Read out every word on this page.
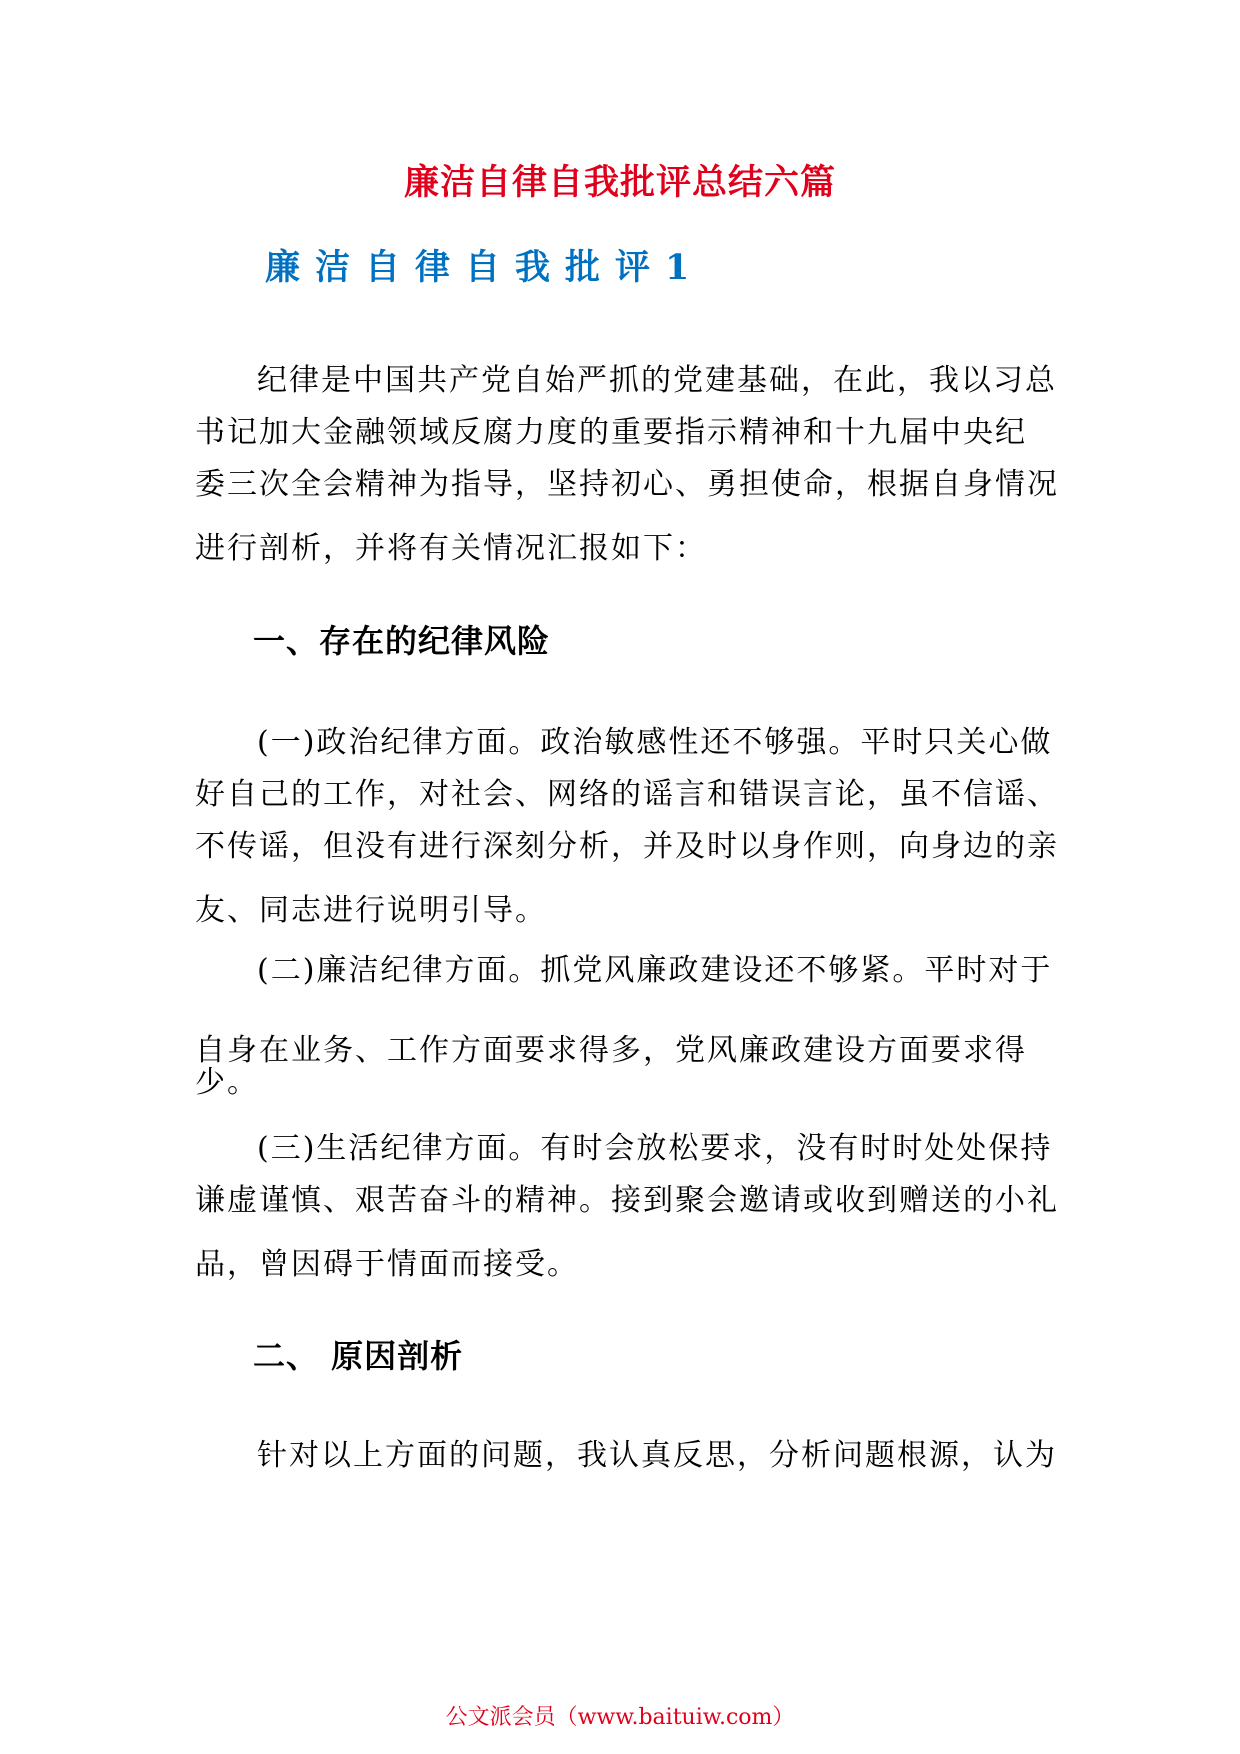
廉洁自律自我批评总结六篇
廉洁自律自我批评1
纪律是中国共产党自始严抓的党建基础，在此，我以习总
书记加大金融领域反腐力度的重要指示精神和十九届中央纪
委三次全会精神为指导，坚持初心、勇担使命，根据自身情况
进行剖析，并将有关情况汇报如下：
一、存在的纪律风险
(一)政治纪律方面。政治敏感性还不够强。平时只关心做
好自己的工作，对社会、网络的谣言和错误言论，虽不信谣、
不传谣，但没有进行深刻分析，并及时以身作则，向身边的亲
友、同志进行说明引导。
(二)廉洁纪律方面。抓党风廉政建设还不够紧。平时对于
自身在业务、工作方面要求得多，党风廉政建设方面要求得
少。
(三)生活纪律方面。有时会放松要求，没有时时处处保持
谦虚谨慎、艰苦奋斗的精神。接到聚会邀请或收到赠送的小礼
品，曾因碍于情面而接受。
二、 原因剖析
针对以上方面的问题，我认真反思，分析问题根源，认为
公文派会员（www.baituiw.com）
